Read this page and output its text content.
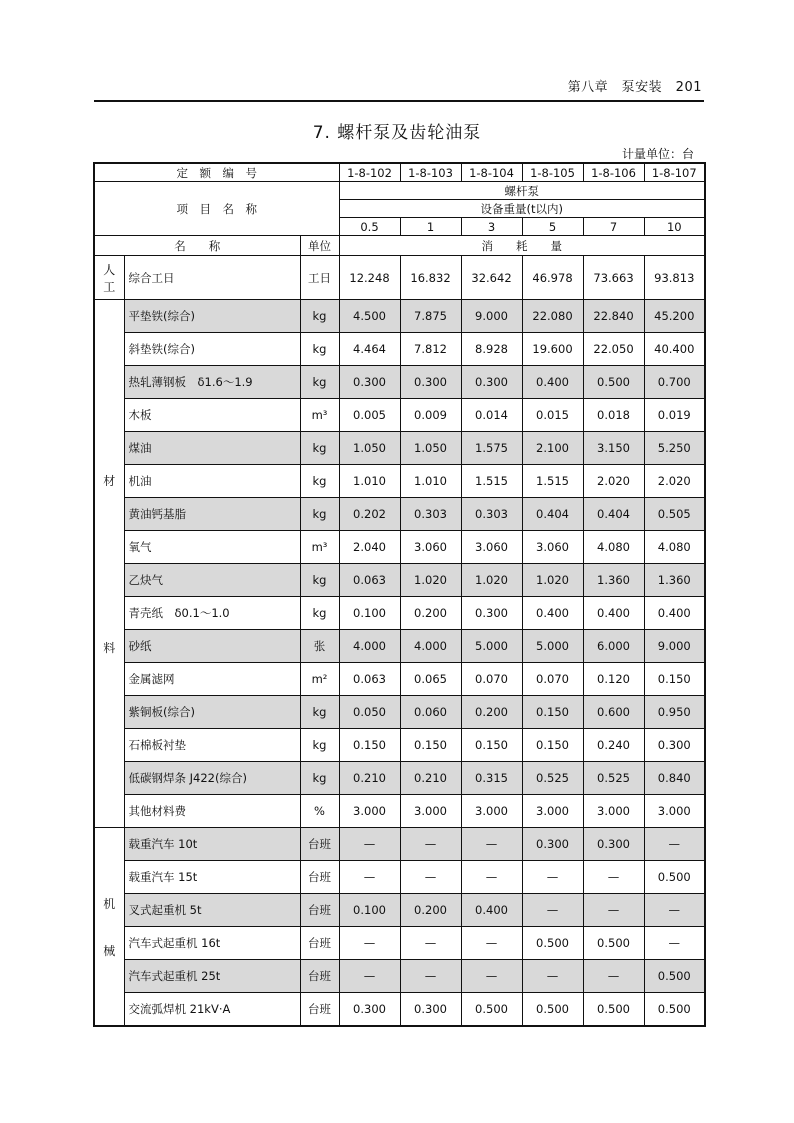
第八章　泵安装　201
7. 螺杆泵及齿轮油泵
计量单位：台
定　额　编　号			1-8-102	1-8-103	1-8-104	1-8-105	1-8-106	1-8-107
项　目　名　称			螺杆泵					
			设备重量(t以内)					
			0.5	1	3	5	7	10
名　　称		单位	消　　耗　　量					

人
工	综合工日	工日	12.248	16.832	32.642	46.978	73.663	93.813

材
料	平垫铁(综合)	kg	4.500	7.875	9.000	22.080	22.840	45.200
	斜垫铁(综合)	kg	4.464	7.812	8.928	19.600	22.050	40.400
	热轧薄钢板　δ1.6～1.9	kg	0.300	0.300	0.300	0.400	0.500	0.700
	木板	m³	0.005	0.009	0.014	0.015	0.018	0.019
	煤油	kg	1.050	1.050	1.575	2.100	3.150	5.250
	机油	kg	1.010	1.010	1.515	1.515	2.020	2.020
	黄油钙基脂	kg	0.202	0.303	0.303	0.404	0.404	0.505
	氧气	m³	2.040	3.060	3.060	3.060	4.080	4.080
	乙炔气	kg	0.063	1.020	1.020	1.020	1.360	1.360
	青壳纸　δ0.1～1.0	kg	0.100	0.200	0.300	0.400	0.400	0.400
	砂纸	张	4.000	4.000	5.000	5.000	6.000	9.000
	金属滤网	m²	0.063	0.065	0.070	0.070	0.120	0.150
	紫铜板(综合)	kg	0.050	0.060	0.200	0.150	0.600	0.950
	石棉板衬垫	kg	0.150	0.150	0.150	0.150	0.240	0.300
	低碳钢焊条 J422(综合)	kg	0.210	0.210	0.315	0.525	0.525	0.840
	其他材料费	%	3.000	3.000	3.000	3.000	3.000	3.000

机
械	载重汽车 10t	台班	—	—	—	0.300	0.300	—
	载重汽车 15t	台班	—	—	—	—	—	0.500
	叉式起重机 5t	台班	0.100	0.200	0.400	—	—	—
	汽车式起重机 16t	台班	—	—	—	0.500	0.500	—
	汽车式起重机 25t	台班	—	—	—	—	—	0.500
	交流弧焊机 21kV·A	台班	0.300	0.300	0.500	0.500	0.500	0.500
